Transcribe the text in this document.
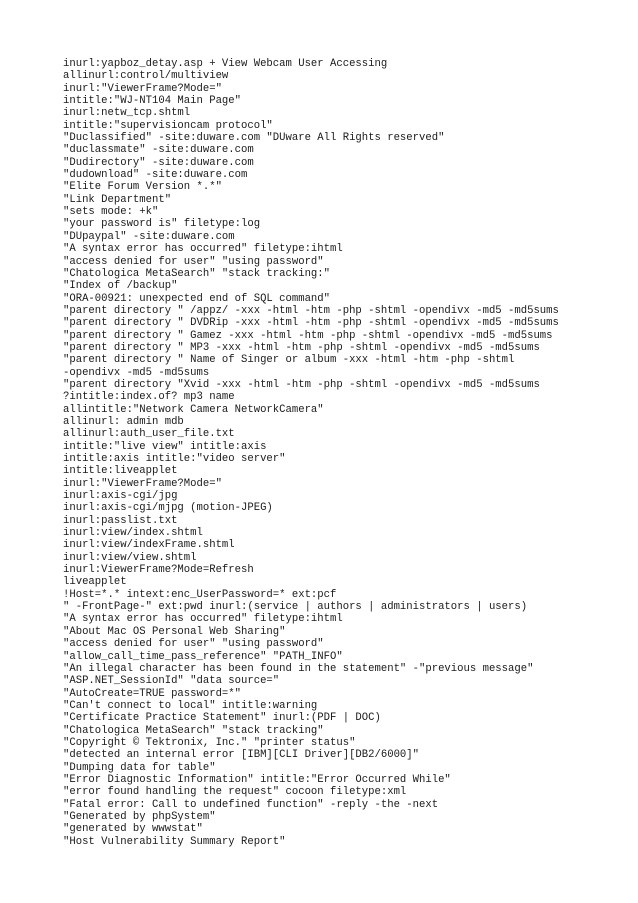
inurl:yapboz_detay.asp + View Webcam User Accessing
allinurl:control/multiview
inurl:"ViewerFrame?Mode="
intitle:"WJ-NT104 Main Page"
inurl:netw_tcp.shtml
intitle:"supervisioncam protocol"
"Duclassified" -site:duware.com "DUware All Rights reserved"
"duclassmate" -site:duware.com
"Dudirectory" -site:duware.com
"dudownload" -site:duware.com
"Elite Forum Version *.*"
"Link Department"
"sets mode: +k"
"your password is" filetype:log
"DUpaypal" -site:duware.com
"A syntax error has occurred" filetype:ihtml
"access denied for user" "using password"
"Chatologica MetaSearch" "stack tracking:"
"Index of /backup"
"ORA-00921: unexpected end of SQL command"
"parent directory " /appz/ -xxx -html -htm -php -shtml -opendivx -md5 -md5sums
"parent directory " DVDRip -xxx -html -htm -php -shtml -opendivx -md5 -md5sums
"parent directory " Gamez -xxx -html -htm -php -shtml -opendivx -md5 -md5sums
"parent directory " MP3 -xxx -html -htm -php -shtml -opendivx -md5 -md5sums
"parent directory " Name of Singer or album -xxx -html -htm -php -shtml
-opendivx -md5 -md5sums
"parent directory "Xvid -xxx -html -htm -php -shtml -opendivx -md5 -md5sums
?intitle:index.of? mp3 name
allintitle:"Network Camera NetworkCamera"
allinurl: admin mdb
allinurl:auth_user_file.txt
intitle:"live view" intitle:axis
intitle:axis intitle:"video server"
intitle:liveapplet
inurl:"ViewerFrame?Mode="
inurl:axis-cgi/jpg
inurl:axis-cgi/mjpg (motion-JPEG)
inurl:passlist.txt
inurl:view/index.shtml
inurl:view/indexFrame.shtml
inurl:view/view.shtml
inurl:ViewerFrame?Mode=Refresh
liveapplet
!Host=*.* intext:enc_UserPassword=* ext:pcf
" -FrontPage-" ext:pwd inurl:(service | authors | administrators | users)
"A syntax error has occurred" filetype:ihtml
"About Mac OS Personal Web Sharing"
"access denied for user" "using password"
"allow_call_time_pass_reference" "PATH_INFO"
"An illegal character has been found in the statement" -"previous message"
"ASP.NET_SessionId" "data source="
"AutoCreate=TRUE password=*"
"Can't connect to local" intitle:warning
"Certificate Practice Statement" inurl:(PDF | DOC)
"Chatologica MetaSearch" "stack tracking"
"Copyright © Tektronix, Inc." "printer status"
"detected an internal error [IBM][CLI Driver][DB2/6000]"
"Dumping data for table"
"Error Diagnostic Information" intitle:"Error Occurred While"
"error found handling the request" cocoon filetype:xml
"Fatal error: Call to undefined function" -reply -the -next
"Generated by phpSystem"
"generated by wwwstat"
"Host Vulnerability Summary Report"
